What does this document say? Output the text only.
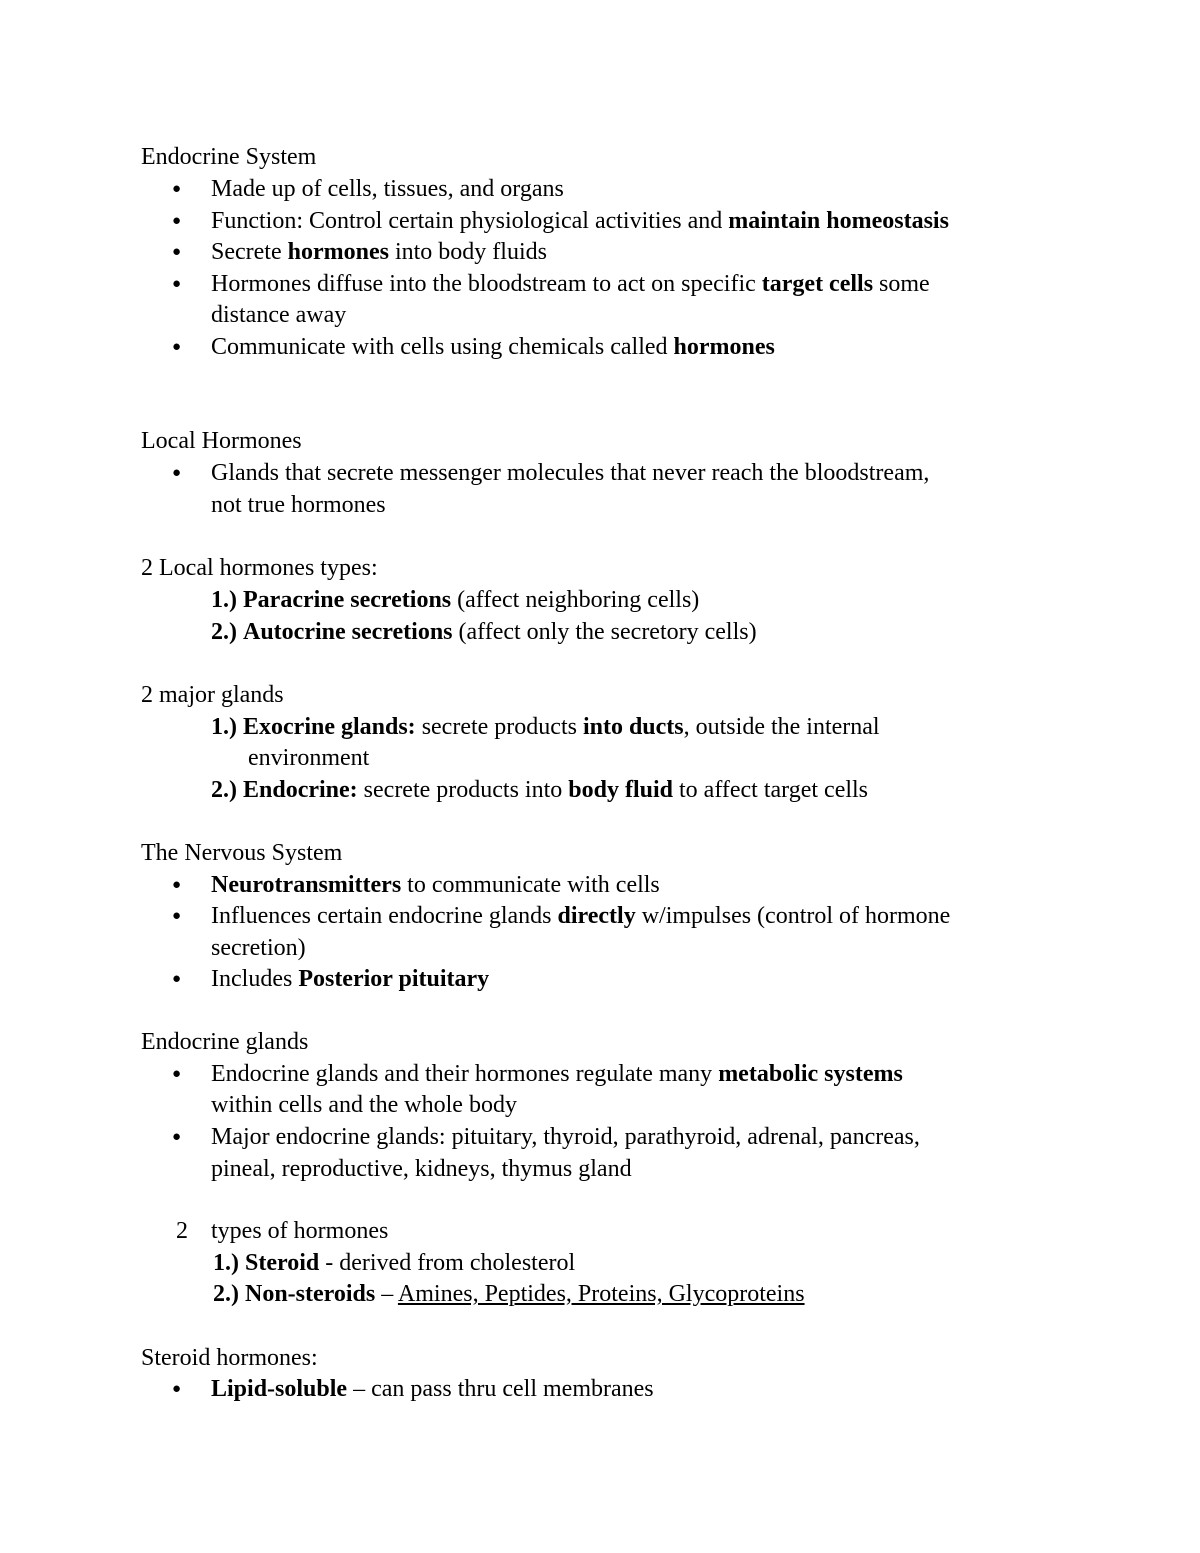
Endocrine System
● Made up of cells, tissues, and organs
● Function: Control certain physiological activities and maintain homeostasis
● Secrete hormones into body fluids
● Hormones diffuse into the bloodstream to act on specific target cells some
distance away
● Communicate with cells using chemicals called hormones
Local Hormones
● Glands that secrete messenger molecules that never reach the bloodstream,
not true hormones
2 Local hormones types:
1.) Paracrine secretions (affect neighboring cells)
2.) Autocrine secretions (affect only the secretory cells)
2 major glands
1.) Exocrine glands: secrete products into ducts, outside the internal
environment
2.) Endocrine: secrete products into body fluid to affect target cells
The Nervous System
● Neurotransmitters to communicate with cells
● Influences certain endocrine glands directly w/impulses (control of hormone
secretion)
● Includes Posterior pituitary
Endocrine glands
● Endocrine glands and their hormones regulate many metabolic systems
within cells and the whole body
● Major endocrine glands: pituitary, thyroid, parathyroid, adrenal, pancreas,
pineal, reproductive, kidneys, thymus gland
2 types of hormones
1.) Steroid - derived from cholesterol
2.) Non-steroids – Amines, Peptides, Proteins, Glycoproteins
Steroid hormones:
● Lipid-soluble – can pass thru cell membranes
